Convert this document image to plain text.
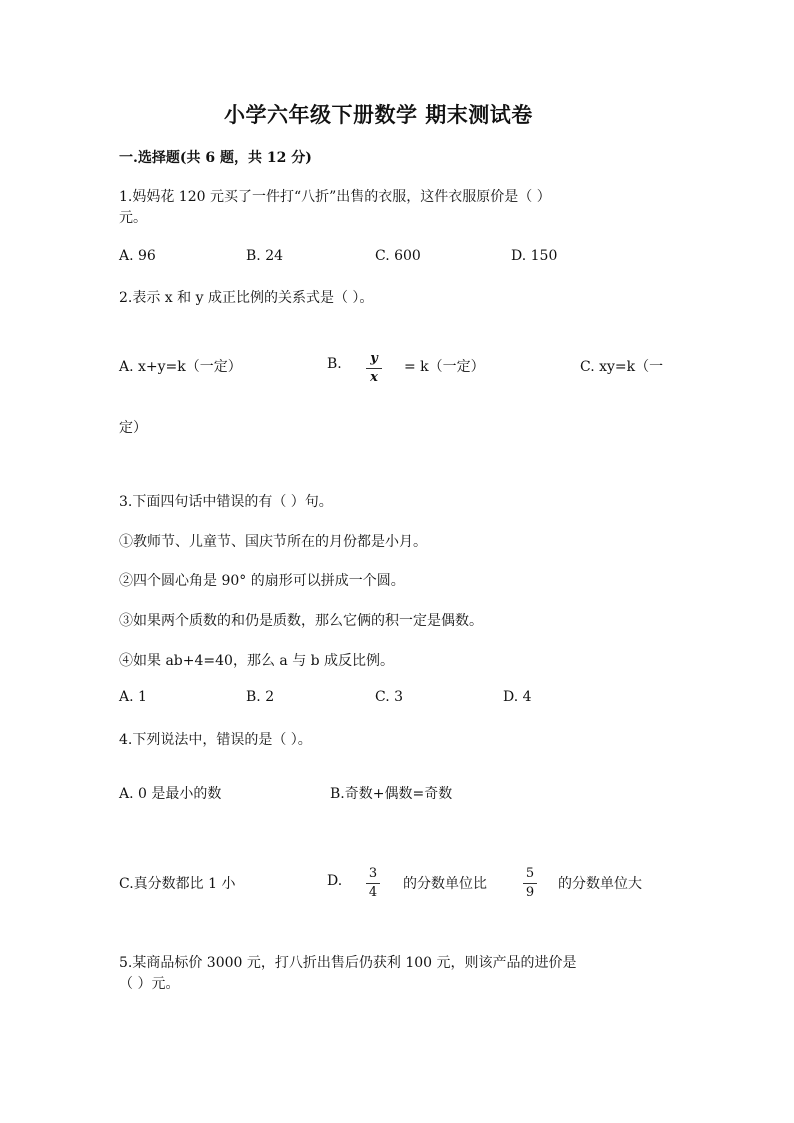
小学六年级下册数学 期末测试卷
一.选择题(共 6 题，共 12 分)
1.妈妈花 120 元买了一件打“八折”出售的衣服，这件衣服原价是（ ）
元。
A. 96	B. 24	C. 600	D. 150
2.表示 x 和 y 成正比例的关系式是（ ）。
A. x+y=k（一定）	B.	y
x
= k（一定）	C. xy=k（一
定）
3.下面四句话中错误的有（ ）句。
①教师节、儿童节、国庆节所在的月份都是小月。
②四个圆心角是 90° 的扇形可以拼成一个圆。
③如果两个质数的和仍是质数，那么它俩的积一定是偶数。
④如果 ab+4=40，那么 a 与 b 成反比例。
A. 1	B. 2	C. 3	D. 4
4.下列说法中，错误的是（ ）。
A. 0 是最小的数	B.奇数+偶数=奇数
C.真分数都比 1 小	D. 3
4
的分数单位比
5
9
的分数单位大
5.某商品标价 3000 元，打八折出售后仍获利 100 元，则该产品的进价是
（ ）元。
